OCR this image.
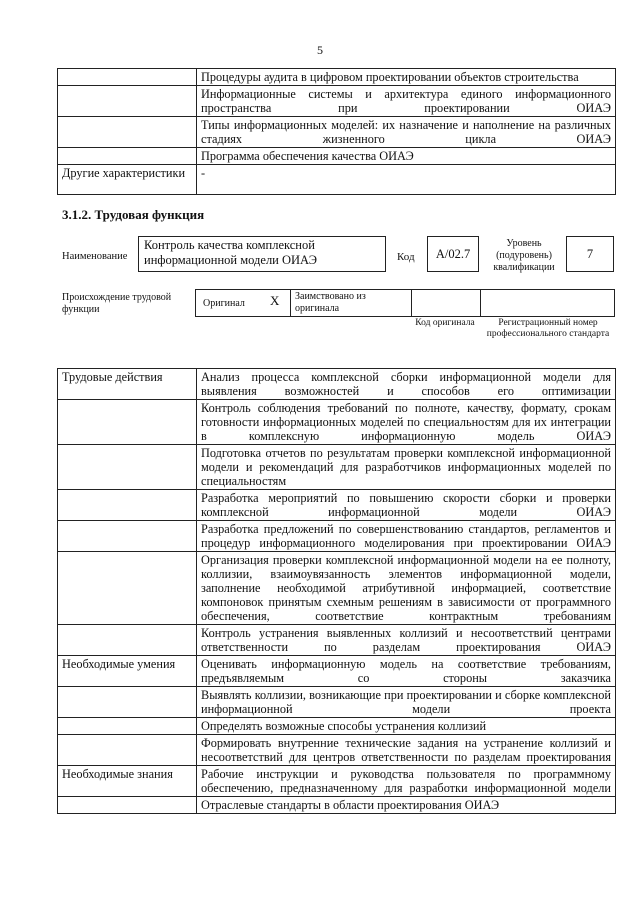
5
	Процедуры аудита в цифровом проектировании объектов строительства
	Информационные системы и архитектура единого информационного пространства при проектировании ОИАЭ
	Типы информационных моделей: их назначение и наполнение на различных стадиях жизненного цикла ОИАЭ
	Программа обеспечения качества ОИАЭ
Другие характеристики	-
3.1.2. Трудовая функция
Наименование
Контроль качества комплексной информационной модели ОИАЭ	Код	А/02.7
Уровень (подуровень) квалификации
7
Происхождение трудовой функции
Оригинал X	Заимствовано из оригинала
Код оригинала	Регистрационный номер профессионального стандарта
Трудовые действия	Анализ процесса комплексной сборки информационной модели для выявления возможностей и способов его оптимизации
	Контроль соблюдения требований по полноте, качеству, формату, срокам готовности информационных моделей по специальностям для их интеграции в комплексную информационную модель ОИАЭ
	Подготовка отчетов по результатам проверки комплексной информационной модели и рекомендаций для разработчиков информационных моделей по специальностям
	Разработка мероприятий по повышению скорости сборки и проверки комплексной информационной модели ОИАЭ
	Разработка предложений по совершенствованию стандартов, регламентов и процедур информационного моделирования при проектировании ОИАЭ
	Организация проверки комплексной информационной модели на ее полноту, коллизии, взаимоувязанность элементов информационной модели, заполнение необходимой атрибутивной информацией, соответствие компоновок принятым схемным решениям в зависимости от программного обеспечения, соответствие контрактным требованиям
	Контроль устранения выявленных коллизий и несоответствий центрами ответственности по разделам проектирования ОИАЭ
Необходимые умения	Оценивать информационную модель на соответствие требованиям, предъявляемым со стороны заказчика
	Выявлять коллизии, возникающие при проектировании и сборке комплексной информационной модели проекта
	Определять возможные способы устранения коллизий
	Формировать внутренние технические задания на устранение коллизий и несоответствий для центров ответственности по разделам проектирования
Необходимые знания	Рабочие инструкции и руководства пользователя по программному обеспечению, предназначенному для разработки информационной модели
	Отраслевые стандарты в области проектирования ОИАЭ
